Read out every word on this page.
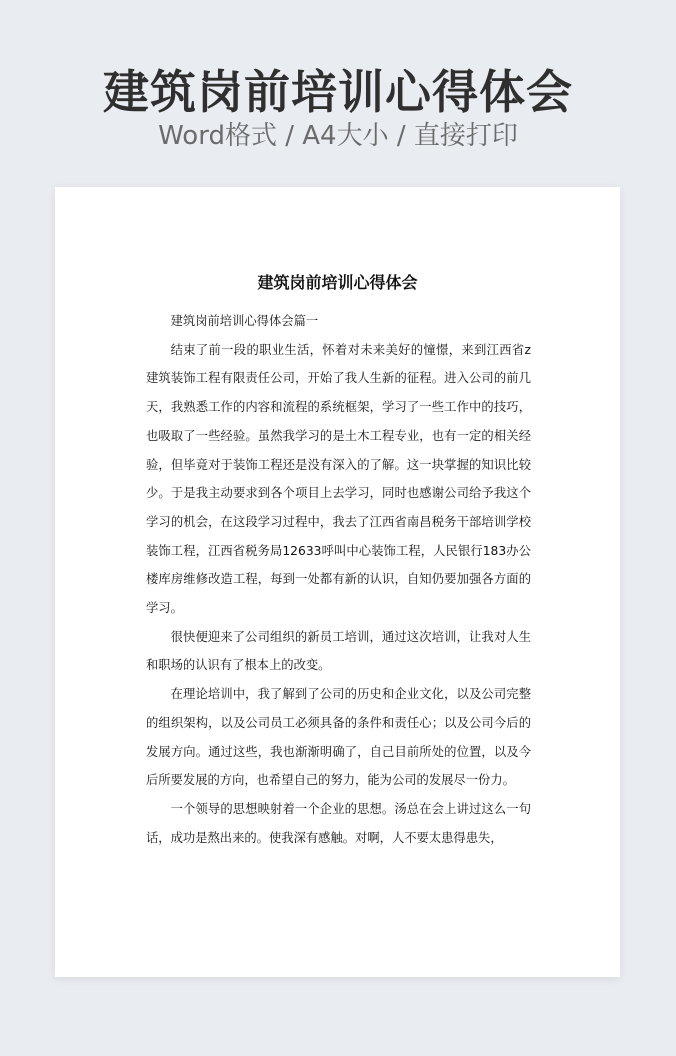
建筑岗前培训心得体会
Word格式 / A4大小 / 直接打印
建筑岗前培训心得体会

建筑岗前培训心得体会篇一

结束了前一段的职业生活，怀着对未来美好的憧憬，来到江西省z建筑装饰工程有限责任公司，开始了我人生新的征程。进入公司的前几天，我熟悉工作的内容和流程的系统框架，学习了一些工作中的技巧，也吸取了一些经验。虽然我学习的是土木工程专业，也有一定的相关经验，但毕竟对于装饰工程还是没有深入的了解。这一块掌握的知识比较少。于是我主动要求到各个项目上去学习，同时也感谢公司给予我这个学习的机会，在这段学习过程中，我去了江西省南昌税务干部培训学校装饰工程，江西省税务局12633呼叫中心装饰工程，人民银行183办公楼库房维修改造工程，每到一处都有新的认识，自知仍要加强各方面的学习。

很快便迎来了公司组织的新员工培训，通过这次培训，让我对人生和职场的认识有了根本上的改变。

在理论培训中，我了解到了公司的历史和企业文化，以及公司完整的组织架构，以及公司员工必须具备的条件和责任心；以及公司今后的发展方向。通过这些，我也渐渐明确了，自己目前所处的位置，以及今后所要发展的方向，也希望自己的努力，能为公司的发展尽一份力。

一个领导的思想映射着一个企业的思想。汤总在会上讲过这么一句话，成功是熬出来的。使我深有感触。对啊，人不要太患得患失，
